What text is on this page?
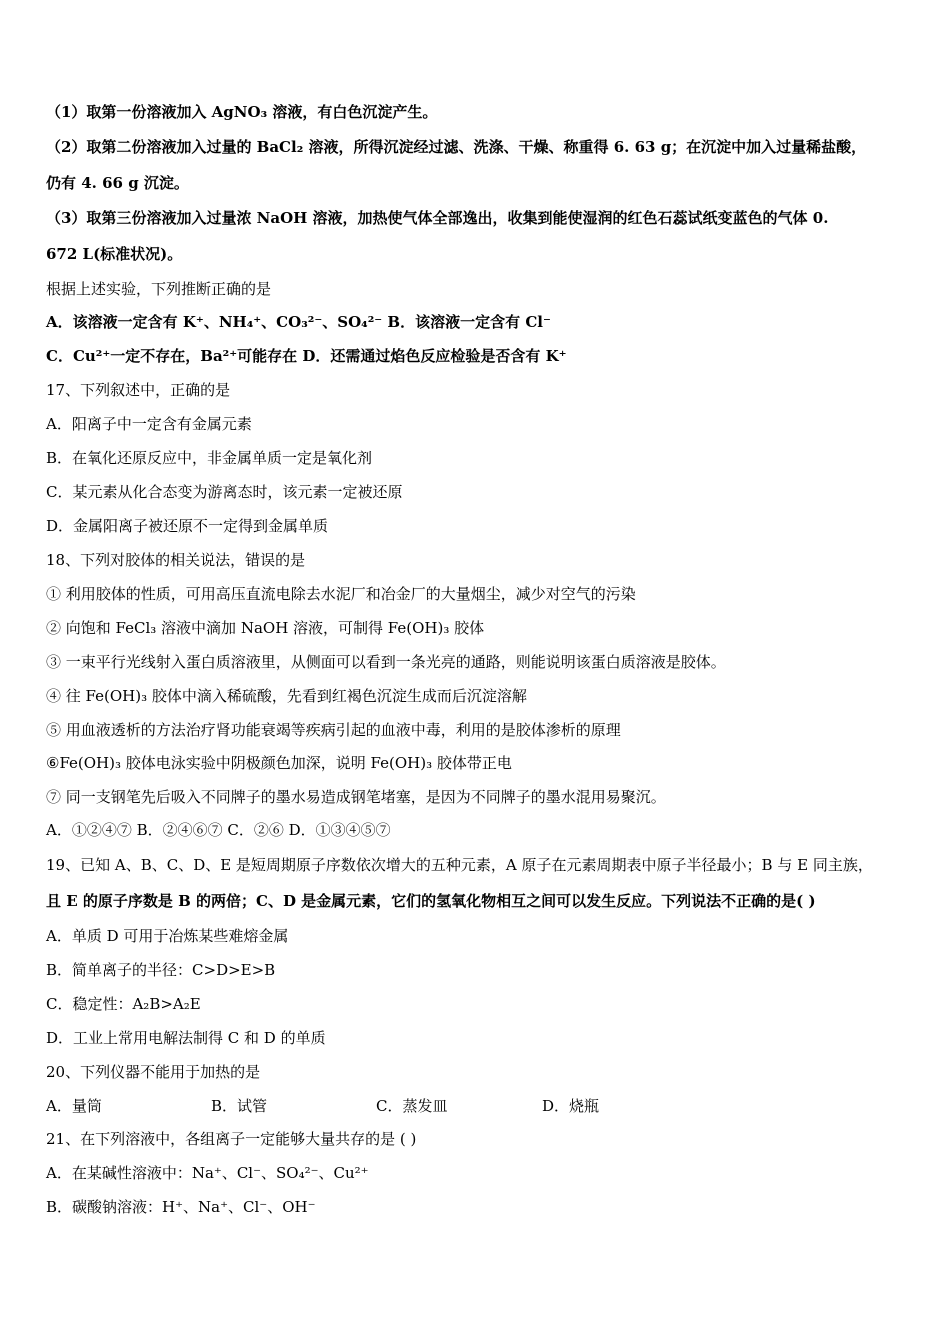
（1）取第一份溶液加入 AgNO₃ 溶液，有白色沉淀产生。
（2）取第二份溶液加入过量的 BaCl₂ 溶液，所得沉淀经过滤、洗涤、干燥、称重得 6. 63 g；在沉淀中加入过量稀盐酸，
仍有 4. 66 g 沉淀。
（3）取第三份溶液加入过量浓 NaOH 溶液，加热使气体全部逸出，收集到能使湿润的红色石蕊试纸变蓝色的气体 0.
672 L(标准状况)。
根据上述实验，下列推断正确的是
A．该溶液一定含有 K⁺、NH₄⁺、CO₃²⁻、SO₄²⁻ B．该溶液一定含有 Cl⁻
C．Cu²⁺一定不存在，Ba²⁺可能存在 D．还需通过焰色反应检验是否含有 K⁺
17、下列叙述中，正确的是
A．阳离子中一定含有金属元素
B．在氧化还原反应中，非金属单质一定是氧化剂
C．某元素从化合态变为游离态时，该元素一定被还原
D．金属阳离子被还原不一定得到金属单质
18、下列对胶体的相关说法，错误的是
① 利用胶体的性质，可用高压直流电除去水泥厂和冶金厂的大量烟尘，减少对空气的污染
② 向饱和 FeCl₃ 溶液中滴加 NaOH 溶液，可制得 Fe(OH)₃ 胶体
③ 一束平行光线射入蛋白质溶液里，从侧面可以看到一条光亮的通路，则能说明该蛋白质溶液是胶体。
④ 往 Fe(OH)₃ 胶体中滴入稀硫酸，先看到红褐色沉淀生成而后沉淀溶解
⑤ 用血液透析的方法治疗肾功能衰竭等疾病引起的血液中毒，利用的是胶体渗析的原理
⑥Fe(OH)₃ 胶体电泳实验中阴极颜色加深，说明 Fe(OH)₃ 胶体带正电
⑦ 同一支钢笔先后吸入不同牌子的墨水易造成钢笔堵塞，是因为不同牌子的墨水混用易聚沉。
A．①②④⑦ B．②④⑥⑦ C．②⑥ D．①③④⑤⑦
19、已知 A、B、C、D、E 是短周期原子序数依次增大的五种元素，A 原子在元素周期表中原子半径最小；B 与 E 同主族，
且 E 的原子序数是 B 的两倍；C、D 是金属元素，它们的氢氧化物相互之间可以发生反应。下列说法不正确的是( )
A．单质 D 可用于冶炼某些难熔金属
B．简单离子的半径：C>D>E>B
C．稳定性：A₂B>A₂E
D．工业上常用电解法制得 C 和 D 的单质
20、下列仪器不能用于加热的是
A．量筒	B．试管	C．蒸发皿	D．烧瓶
21、在下列溶液中，各组离子一定能够大量共存的是 ( )
A．在某碱性溶液中：Na⁺、Cl⁻、SO₄²⁻、Cu²⁺
B．碳酸钠溶液：H⁺、Na⁺、Cl⁻、OH⁻
